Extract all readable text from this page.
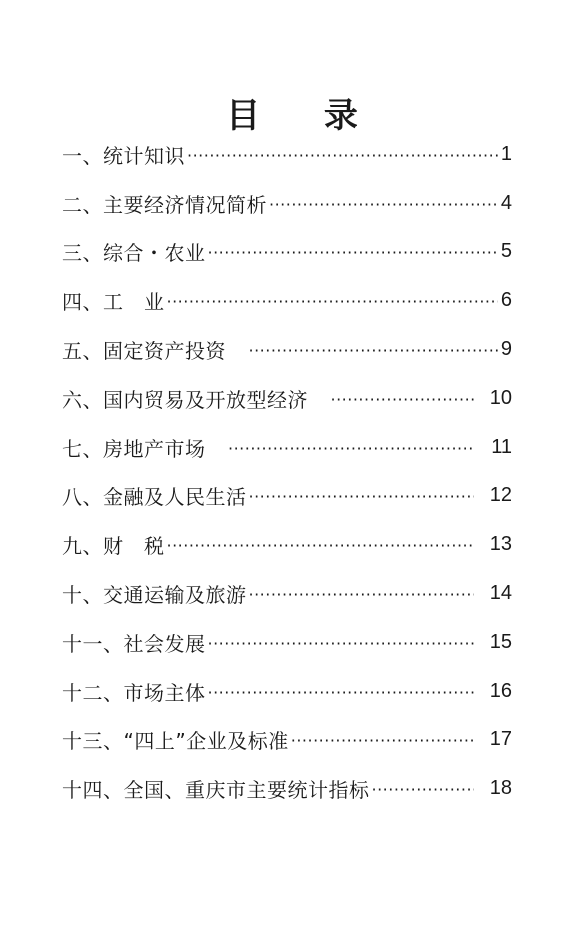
目 录
一、统计知识 ·····	1
二、主要经济情况简析 ·····	4
三、综合・农业 ·····	5
四、工　业 ·····	6
五、固定资产投资　 ·····	9
六、国内贸易及开放型经济　 ·····	10
七、房地产市场　 ·····	11
八、金融及人民生活 ·····	12
九、财　税 ·····	13
十、交通运输及旅游 ·····	14
十一、社会发展 ·····	15
十二、市场主体 ·····	16
十三、“四上”企业及标准 ·····	17
十四、全国、重庆市主要统计指标 ·····	18
